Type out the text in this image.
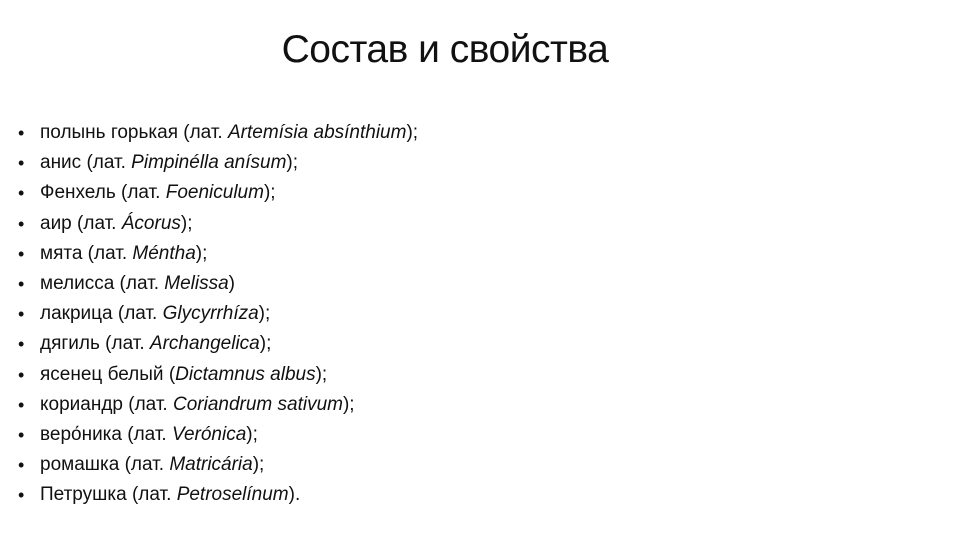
Состав и свойства
• полынь горькая (лат. Artemísia absínthium);
• анис (лат. Pimpinélla anísum);
• Фенхель (лат. Foeniculum);
• аир (лат. Ácorus);
• мята (лат. Méntha);
• мелисса (лат. Melissa)
• лакрица (лат. Glycyrrhíza);
• дягиль (лат. Archangelica);
• ясенец белый (Dictamnus albus);
• кориандр (лат. Coriandrum sativum);
• веро́ника (лат. Verónica);
• ромашка (лат. Matricária);
• Петрушка (лат. Petroselínum).
